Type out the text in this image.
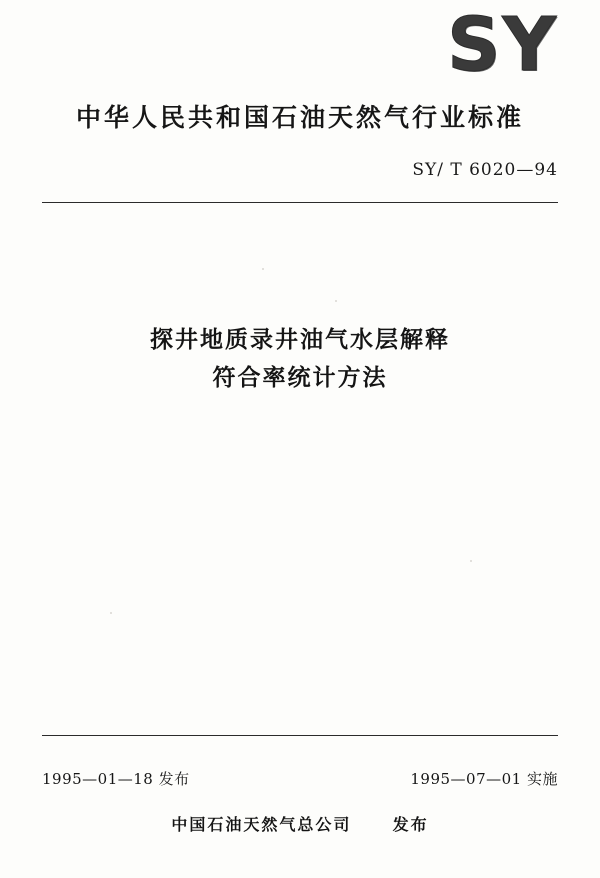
SY
中华人民共和国石油天然气行业标准
SY/ T 6020—94
探井地质录井油气水层解释
符合率统计方法
1995—01—18 发布	1995—07—01 实施
中国石油天然气总公司	发布
